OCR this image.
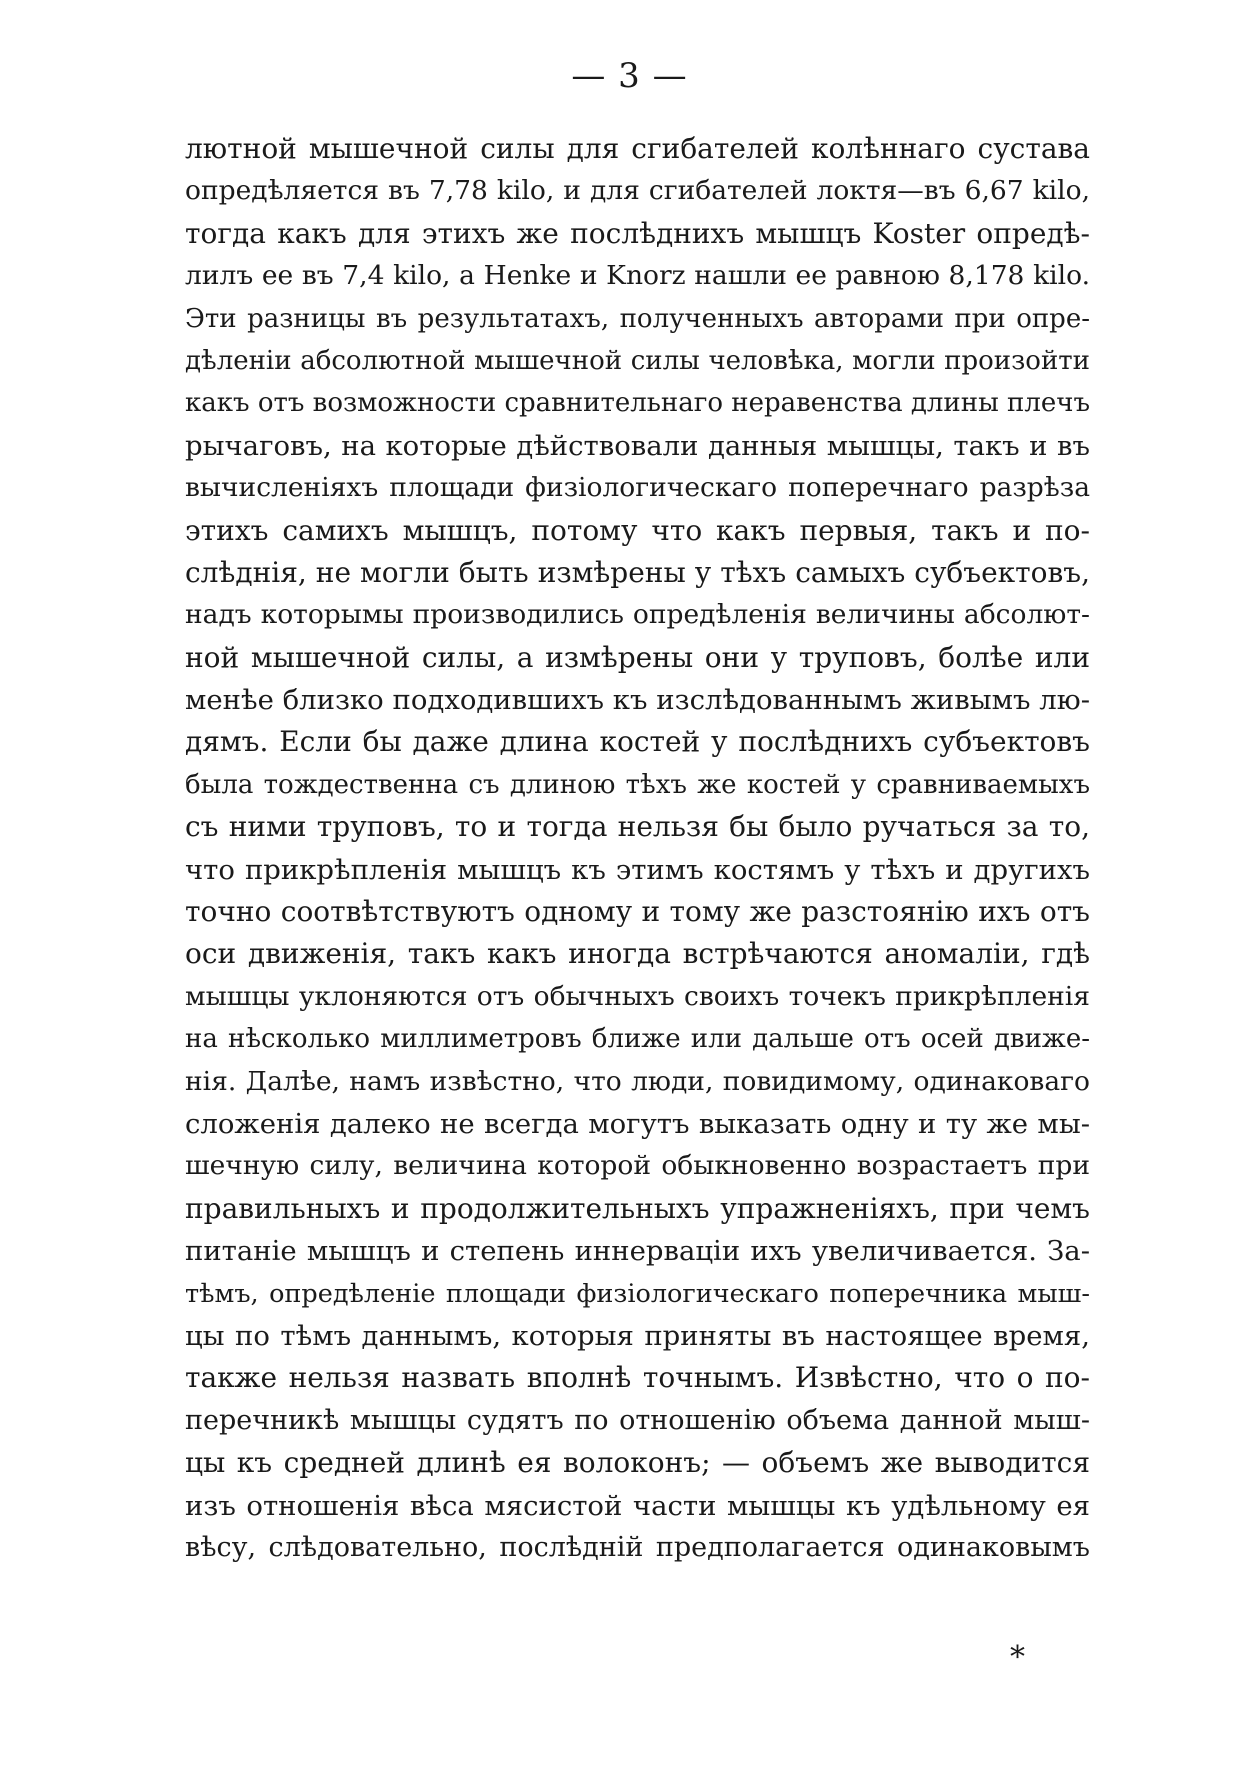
— 3 —
лютной мышечной силы для сгибателей колѣннаго сустава
опредѣляется въ 7,78 kilo, и для сгибателей локтя—въ 6,67 kilo,
тогда какъ для этихъ же послѣднихъ мышцъ Koster опредѣ-
лилъ ее въ 7,4 kilo, а Henke и Knorz нашли ее равною 8,178 kilo.
Эти разницы въ результатахъ, полученныхъ авторами при опре-
дѣленіи абсолютной мышечной силы человѣка, могли произойти
какъ отъ возможности сравнительнаго неравенства длины плечъ
рычаговъ, на которые дѣйствовали данныя мышцы, такъ и въ
вычисленіяхъ площади физіологическаго поперечнаго разрѣза
этихъ самихъ мышцъ, потому что какъ первыя, такъ и по-
слѣднія, не могли быть измѣрены у тѣхъ самыхъ субъектовъ,
надъ которымы производились опредѣленія величины абсолют-
ной мышечной силы, а измѣрены они у труповъ, болѣе или
менѣе близко подходившихъ къ изслѣдованнымъ живымъ лю-
дямъ. Если бы даже длина костей у послѣднихъ субъектовъ
была тождественна съ длиною тѣхъ же костей у сравниваемыхъ
съ ними труповъ, то и тогда нельзя бы было ручаться за то,
что прикрѣпленія мышцъ къ этимъ костямъ у тѣхъ и другихъ
точно соотвѣтствуютъ одному и тому же разстоянію ихъ отъ
оси движенія, такъ какъ иногда встрѣчаются аномаліи, гдѣ
мышцы уклоняются отъ обычныхъ своихъ точекъ прикрѣпленія
на нѣсколько миллиметровъ ближе или дальше отъ осей движе-
нія. Далѣе, намъ извѣстно, что люди, повидимому, одинаковаго
сложенія далеко не всегда могутъ выказать одну и ту же мы-
шечную силу, величина которой обыкновенно возрастаетъ при
правильныхъ и продолжительныхъ упражненіяхъ, при чемъ
питаніе мышцъ и степень иннерваціи ихъ увеличивается. За-
тѣмъ, опредѣленіе площади физіологическаго поперечника мыш-
цы по тѣмъ даннымъ, которыя приняты въ настоящее время,
также нельзя назвать вполнѣ точнымъ. Извѣстно, что о по-
перечникѣ мышцы судятъ по отношенію объема данной мыш-
цы къ средней длинѣ ея волоконъ; — объемъ же выводится
изъ отношенія вѣса мясистой части мышцы къ удѣльному ея
вѣсу, слѣдовательно, послѣдній предполагается одинаковымъ
*
